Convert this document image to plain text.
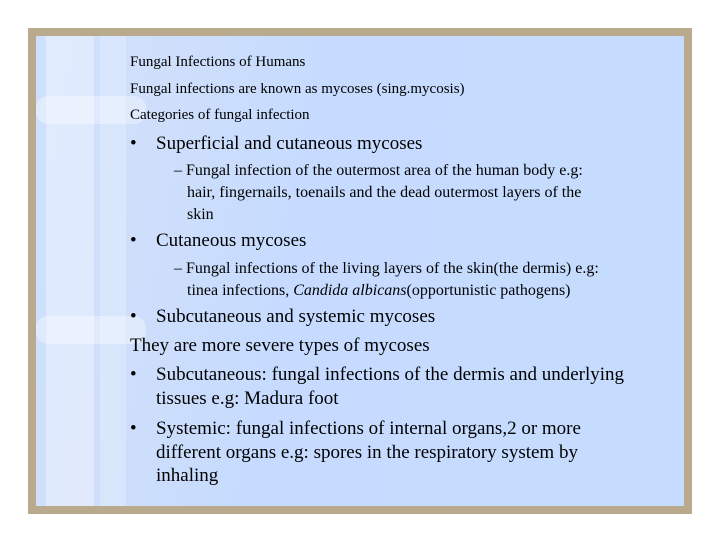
Fungal Infections of Humans
Fungal infections are known as mycoses (sing.mycosis)
Categories of fungal infection
• Superficial and cutaneous mycoses
– Fungal infection of the outermost area of the human body e.g:
hair, fingernails, toenails and the dead outermost layers of the
skin
• Cutaneous mycoses
– Fungal infections of the living layers of the skin(the dermis) e.g:
tinea infections, Candida albicans(opportunistic pathogens)
• Subcutaneous and systemic mycoses
They are more severe types of mycoses
• Subcutaneous: fungal infections of the dermis and underlying
tissues e.g: Madura foot
• Systemic: fungal infections of internal organs,2 or more
different organs e.g: spores in the respiratory system by
inhaling
